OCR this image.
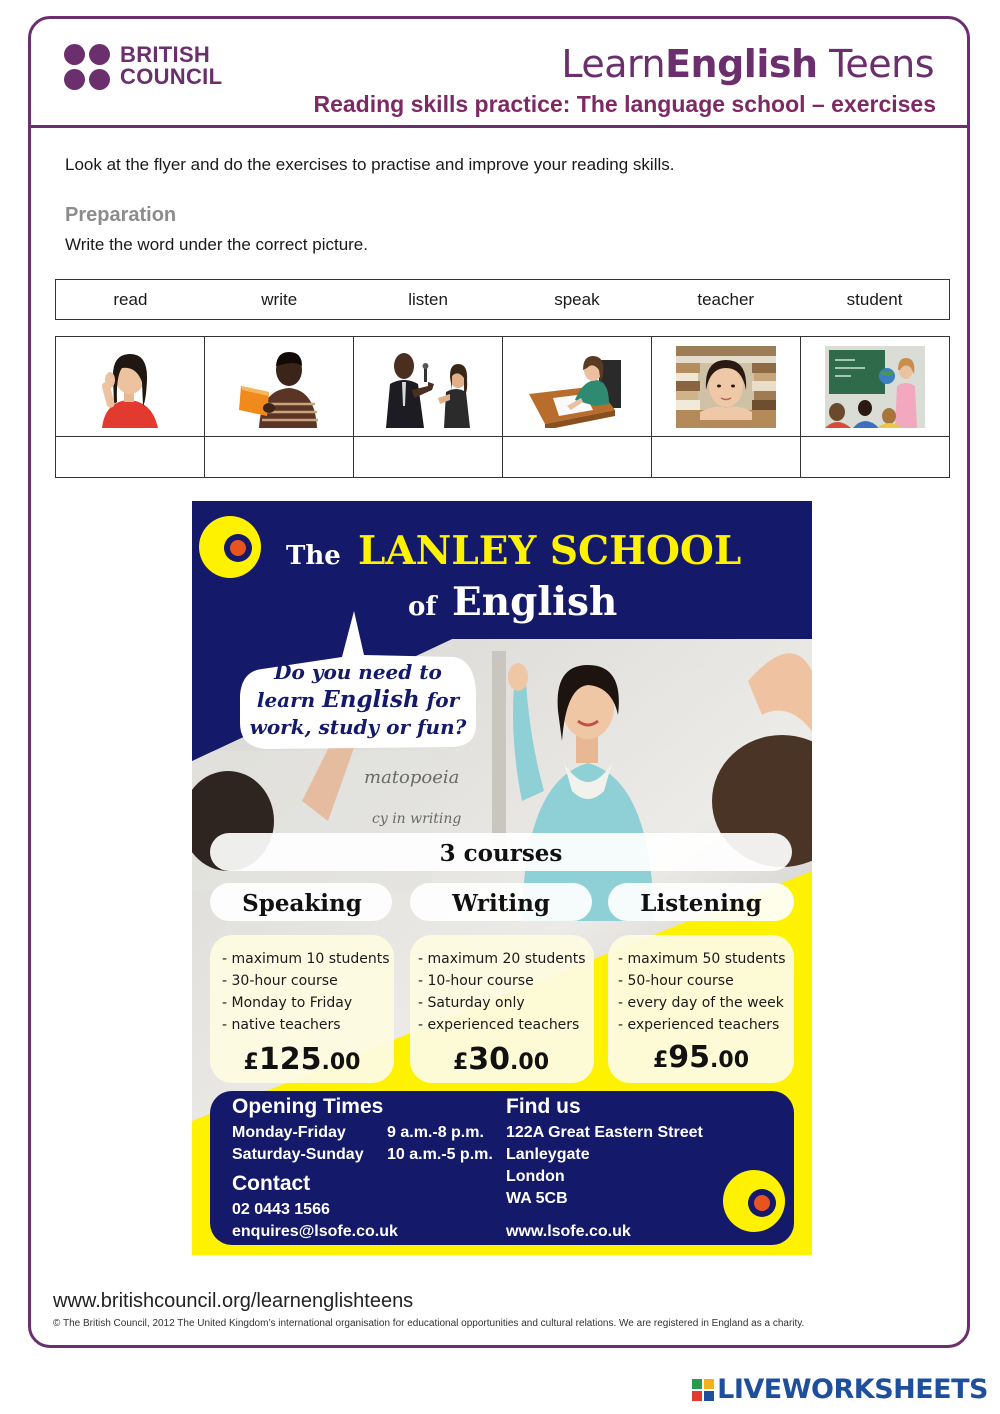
BRITISH
COUNCIL	LearnEnglish Teens
Reading skills practice: The language school – exercises
Look at the flyer and do the exercises to practise and improve your reading skills.
Preparation
Write the word under the correct picture.
read	write	listen	speak	teacher	student
matopoeia
cy in writing
The LANLEY SCHOOL
of English
Do you need to
learn English for
work, study or fun?
3 courses
Speaking	Writing	Listening
- maximum 10 students
- 30-hour course
- Monday to Friday
- native teachers
- maximum 20 students
- 10-hour course
- Saturday only
- experienced teachers
- maximum 50 students
- 50-hour course
- every day of the week
- experienced teachers
£125.00	£30.00	£95.00
Opening Times
Monday-Friday	9 a.m.-8 p.m.
Saturday-Sunday 10 a.m.-5 p.m.
Contact
02 0443 1566
enquires@lsofe.co.uk
Find us
122A Great Eastern Street
Lanleygate
London
WA 5CB
www.lsofe.co.uk
www.britishcouncil.org/learnenglishteens
© The British Council, 2012 The United Kingdom’s international organisation for educational opportunities and cultural relations. We are registered in England as a charity.
LIVEWORKSHEETS
